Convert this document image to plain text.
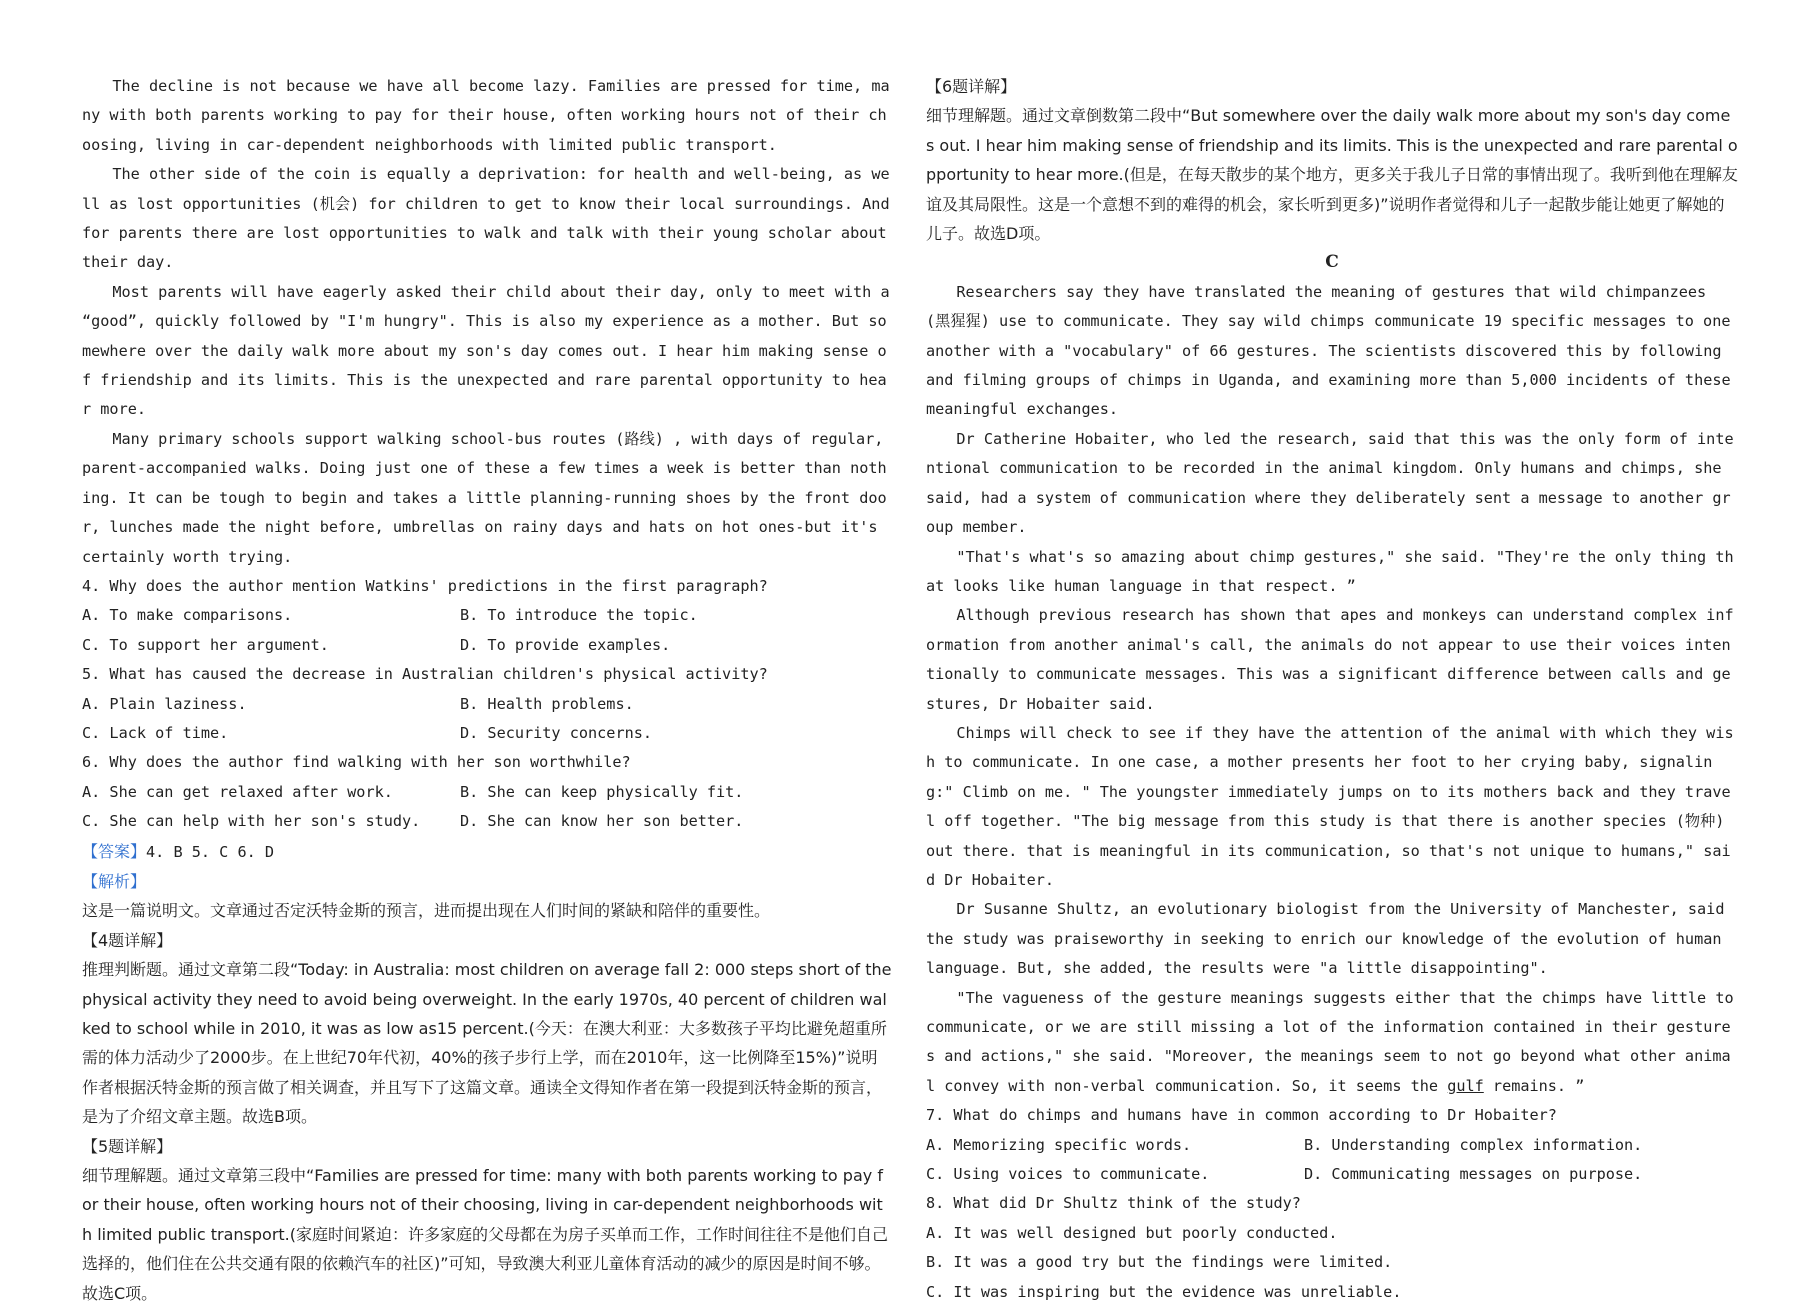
The decline is not because we have all become lazy. Families are pressed for time, many with both parents working to pay for their house, often working hours not of their choosing, living in car-dependent neighborhoods with limited public transport.

The other side of the coin is equally a deprivation: for health and well-being, as well as lost opportunities (机会) for children to get to know their local surroundings. And for parents there are lost opportunities to walk and talk with their young scholar about their day.

Most parents will have eagerly asked their child about their day, only to meet with a “good”, quickly followed by "I'm hungry". This is also my experience as a mother. But somewhere over the daily walk more about my son's day comes out. I hear him making sense of friendship and its limits. This is the unexpected and rare parental opportunity to hear more.

Many primary schools support walking school-bus routes (路线) , with days of regular, parent-accompanied walks. Doing just one of these a few times a week is better than nothing. It can be tough to begin and takes a little planning-running shoes by the front door, lunches made the night before, umbrellas on rainy days and hats on hot ones-but it's certainly worth trying.

4. Why does the author mention Watkins' predictions in the first paragraph?

A. To make comparisons.	B. To introduce the topic.
C. To support her argument.	D. To provide examples.

5. What has caused the decrease in Australian children's physical activity?

A. Plain laziness.	B. Health problems.
C. Lack of time.	D. Security concerns.

6. Why does the author find walking with her son worthwhile?

A. She can get relaxed after work.	B. She can keep physically fit.
C. She can help with her son's study.	D. She can know her son better.

【答案】4. B 5. C 6. D

【解析】

这是一篇说明文。文章通过否定沃特金斯的预言，进而提出现在人们时间的紧缺和陪伴的重要性。

【4题详解】

推理判断题。通过文章第二段“Today: in Australia: most children on average fall 2: 000 steps short of the physical activity they need to avoid being overweight. In the early 1970s, 40 percent of children walked to school while in 2010, it was as low as15 percent.(今天：在澳大利亚：大多数孩子平均比避免超重所需的体力活动少了2000步。在上世纪70年代初，40%的孩子步行上学，而在2010年，这一比例降至15%)”说明作者根据沃特金斯的预言做了相关调查，并且写下了这篇文章。通读全文得知作者在第一段提到沃特金斯的预言，是为了介绍文章主题。故选B项。

【5题详解】

细节理解题。通过文章第三段中“Families are pressed for time: many with both parents working to pay for their house, often working hours not of their choosing, living in car-dependent neighborhoods with limited public transport.(家庭时间紧迫：许多家庭的父母都在为房子买单而工作，工作时间往往不是他们自己选择的，他们住在公共交通有限的依赖汽车的社区)”可知，导致澳大利亚儿童体育活动的减少的原因是时间不够。故选C项。

【6题详解】

细节理解题。通过文章倒数第二段中“But somewhere over the daily walk more about my son's day comes out. I hear him making sense of friendship and its limits. This is the unexpected and rare parental opportunity to hear more.(但是，在每天散步的某个地方，更多关于我儿子日常的事情出现了。我听到他在理解友谊及其局限性。这是一个意想不到的难得的机会，家长听到更多)”说明作者觉得和儿子一起散步能让她更了解她的儿子。故选D项。

C

Researchers say they have translated the meaning of gestures that wild chimpanzees (黑猩猩) use to communicate. They say wild chimps communicate 19 specific messages to one another with a "vocabulary" of 66 gestures. The scientists discovered this by following and filming groups of chimps in Uganda, and examining more than 5,000 incidents of these meaningful exchanges.

Dr Catherine Hobaiter, who led the research, said that this was the only form of intentional communication to be recorded in the animal kingdom. Only humans and chimps, she said, had a system of communication where they deliberately sent a message to another group member.

"That's what's so amazing about chimp gestures," she said. "They're the only thing that looks like human language in that respect. ”

Although previous research has shown that apes and monkeys can understand complex information from another animal's call, the animals do not appear to use their voices intentionally to communicate messages. This was a significant difference between calls and gestures, Dr Hobaiter said.

Chimps will check to see if they have the attention of the animal with which they wish to communicate. In one case, a mother presents her foot to her crying baby, signaling:" Climb on me. " The youngster immediately jumps on to its mothers back and they travel off together. "The big message from this study is that there is another species (物种) out there. that is meaningful in its communication, so that's not unique to humans," said Dr Hobaiter.

Dr Susanne Shultz, an evolutionary biologist from the University of Manchester, said the study was praiseworthy in seeking to enrich our knowledge of the evolution of human language. But, she added, the results were "a little disappointing".

"The vagueness of the gesture meanings suggests either that the chimps have little to communicate, or we are still missing a lot of the information contained in their gestures and actions," she said. "Moreover, the meanings seem to not go beyond what other animal convey with non-verbal communication. So, it seems the gulf remains. ”

7. What do chimps and humans have in common according to Dr Hobaiter?

A. Memorizing specific words.	B. Understanding complex information.
C. Using voices to communicate.	D. Communicating messages on purpose.

8. What did Dr Shultz think of the study?

A. It was well designed but poorly conducted.

B. It was a good try but the findings were limited.

C. It was inspiring but the evidence was unreliable.
